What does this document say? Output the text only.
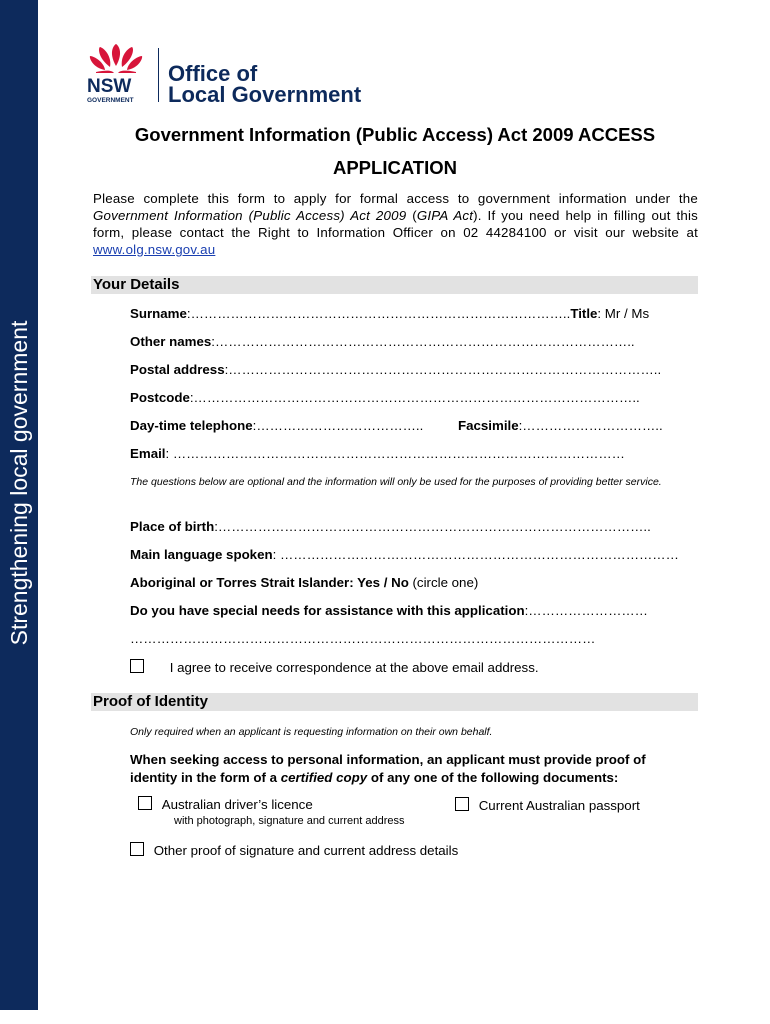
Strengthening local government
NSW
GOVERNMENT
Office of
Local Government
Government Information (Public Access) Act 2009 ACCESS
APPLICATION
Please complete this form to apply for formal access to government information under the Government Information (Public Access) Act 2009 (GIPA Act). If you need help in filling out this form, please contact the Right to Information Officer on 02 44284100 or visit our website at www.olg.nsw.gov.au
Your Details
Surname:…………………………………………………………………………..Title: Mr / Ms
Other names:…………………………………………………………………………………..
Postal address:……………………………………………………………………………………..
Postcode:………………………………………………………………………………………..
Day-time telephone:………………………………..	Facsimile:…………………………..
Email: …………………………………………………………………………………………
The questions below are optional and the information will only be used for the purposes of providing better service.
Place of birth:……………………………………………………………………………………..
Main language spoken: ………………………………………………………………………………
Aboriginal or Torres Strait Islander: Yes / No (circle one)
Do you have special needs for assistance with this application:………………………
……………………………………………………………………………………………
I agree to receive correspondence at the above email address.
Proof of Identity
Only required when an applicant is requesting information on their own behalf.
When seeking access to personal information, an applicant must provide proof of identity in the form of a certified copy of any one of the following documents:
Australian driver’s licence
with photograph, signature and current address
Current Australian passport
Other proof of signature and current address details
